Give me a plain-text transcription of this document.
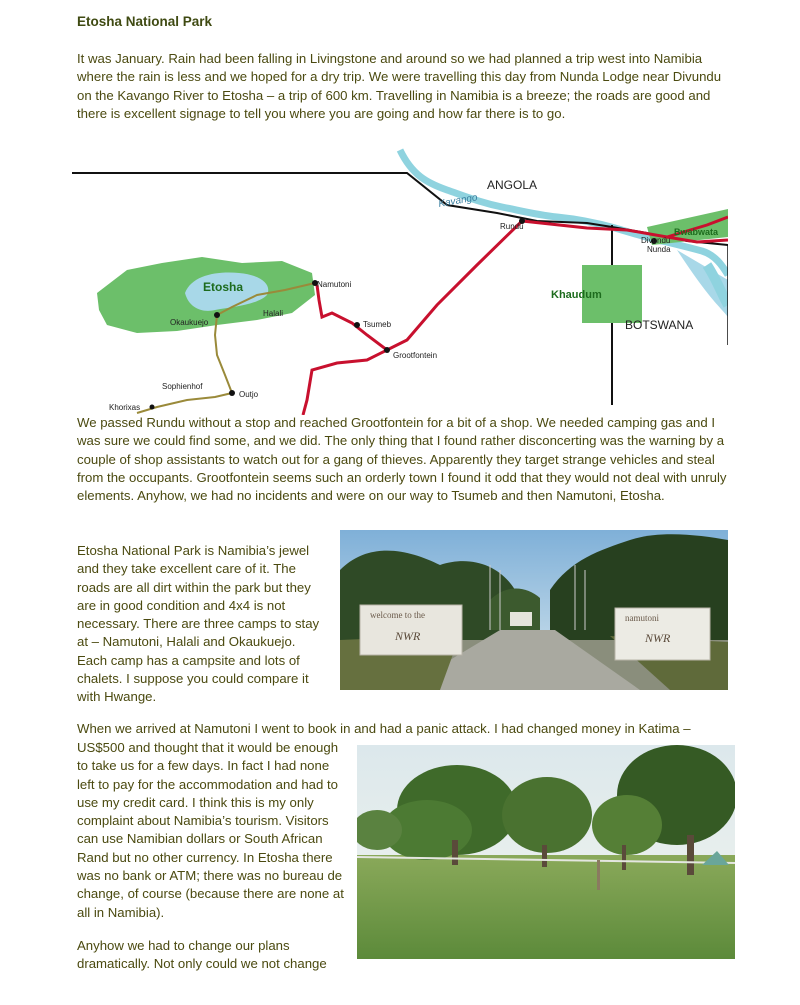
Etosha National Park

It was January. Rain had been falling in Livingstone and around so we had planned a trip west into Namibia where the rain is less and we hoped for a dry trip. We were travelling this day from Nunda Lodge near Divundu on the Kavango River to Etosha – a trip of 600 km. Travelling in Namibia is a breeze; the roads are good and there is excellent signage to tell you where you are going and how far there is to go.

ANGOLA
Kavango
Rundu
Divundu
Nunda
Bwabwata
Khaudum
BOTSWANA
Etosha	Namutoni
Okaukuejo
Halali
Tsumeb
Grootfontein
Sophienhof
Outjo
Khorixas

We passed Rundu without a stop and reached Grootfontein for a bit of a shop. We needed camping gas and I was sure we could find some, and we did. The only thing that I found rather disconcerting was the warning by a couple of shop assistants to watch out for a gang of thieves. Apparently they target strange vehicles and steal from the occupants. Grootfontein seems such an orderly town I found it odd that they would not deal with unruly elements. Anyhow, we had no incidents and were on our way to Tsumeb and then Namutoni, Etosha.

Etosha National Park is Namibia’s jewel and they take excellent care of it. The roads are all dirt within the park but they are in good condition and 4x4 is not necessary. There are three camps to stay at – Namutoni, Halali and Okaukuejo. Each camp has a campsite and lots of chalets. I suppose you could compare it with Hwange.

welcome to the
NWR
namutoni
NWR

When we arrived at Namutoni I went to book in and had a panic attack. I had changed money in Katima –

US$500 and thought that it would be enough to take us for a few days. In fact I had none left to pay for the accommodation and had to use my credit card. I think this is my only complaint about Namibia’s tourism. Visitors can use Namibian dollars or South African Rand but no other currency. In Etosha there was no bank or ATM; there was no bureau de change, of course (because there are none at all in Namibia).

Anyhow we had to change our plans dramatically. Not only could we not change
